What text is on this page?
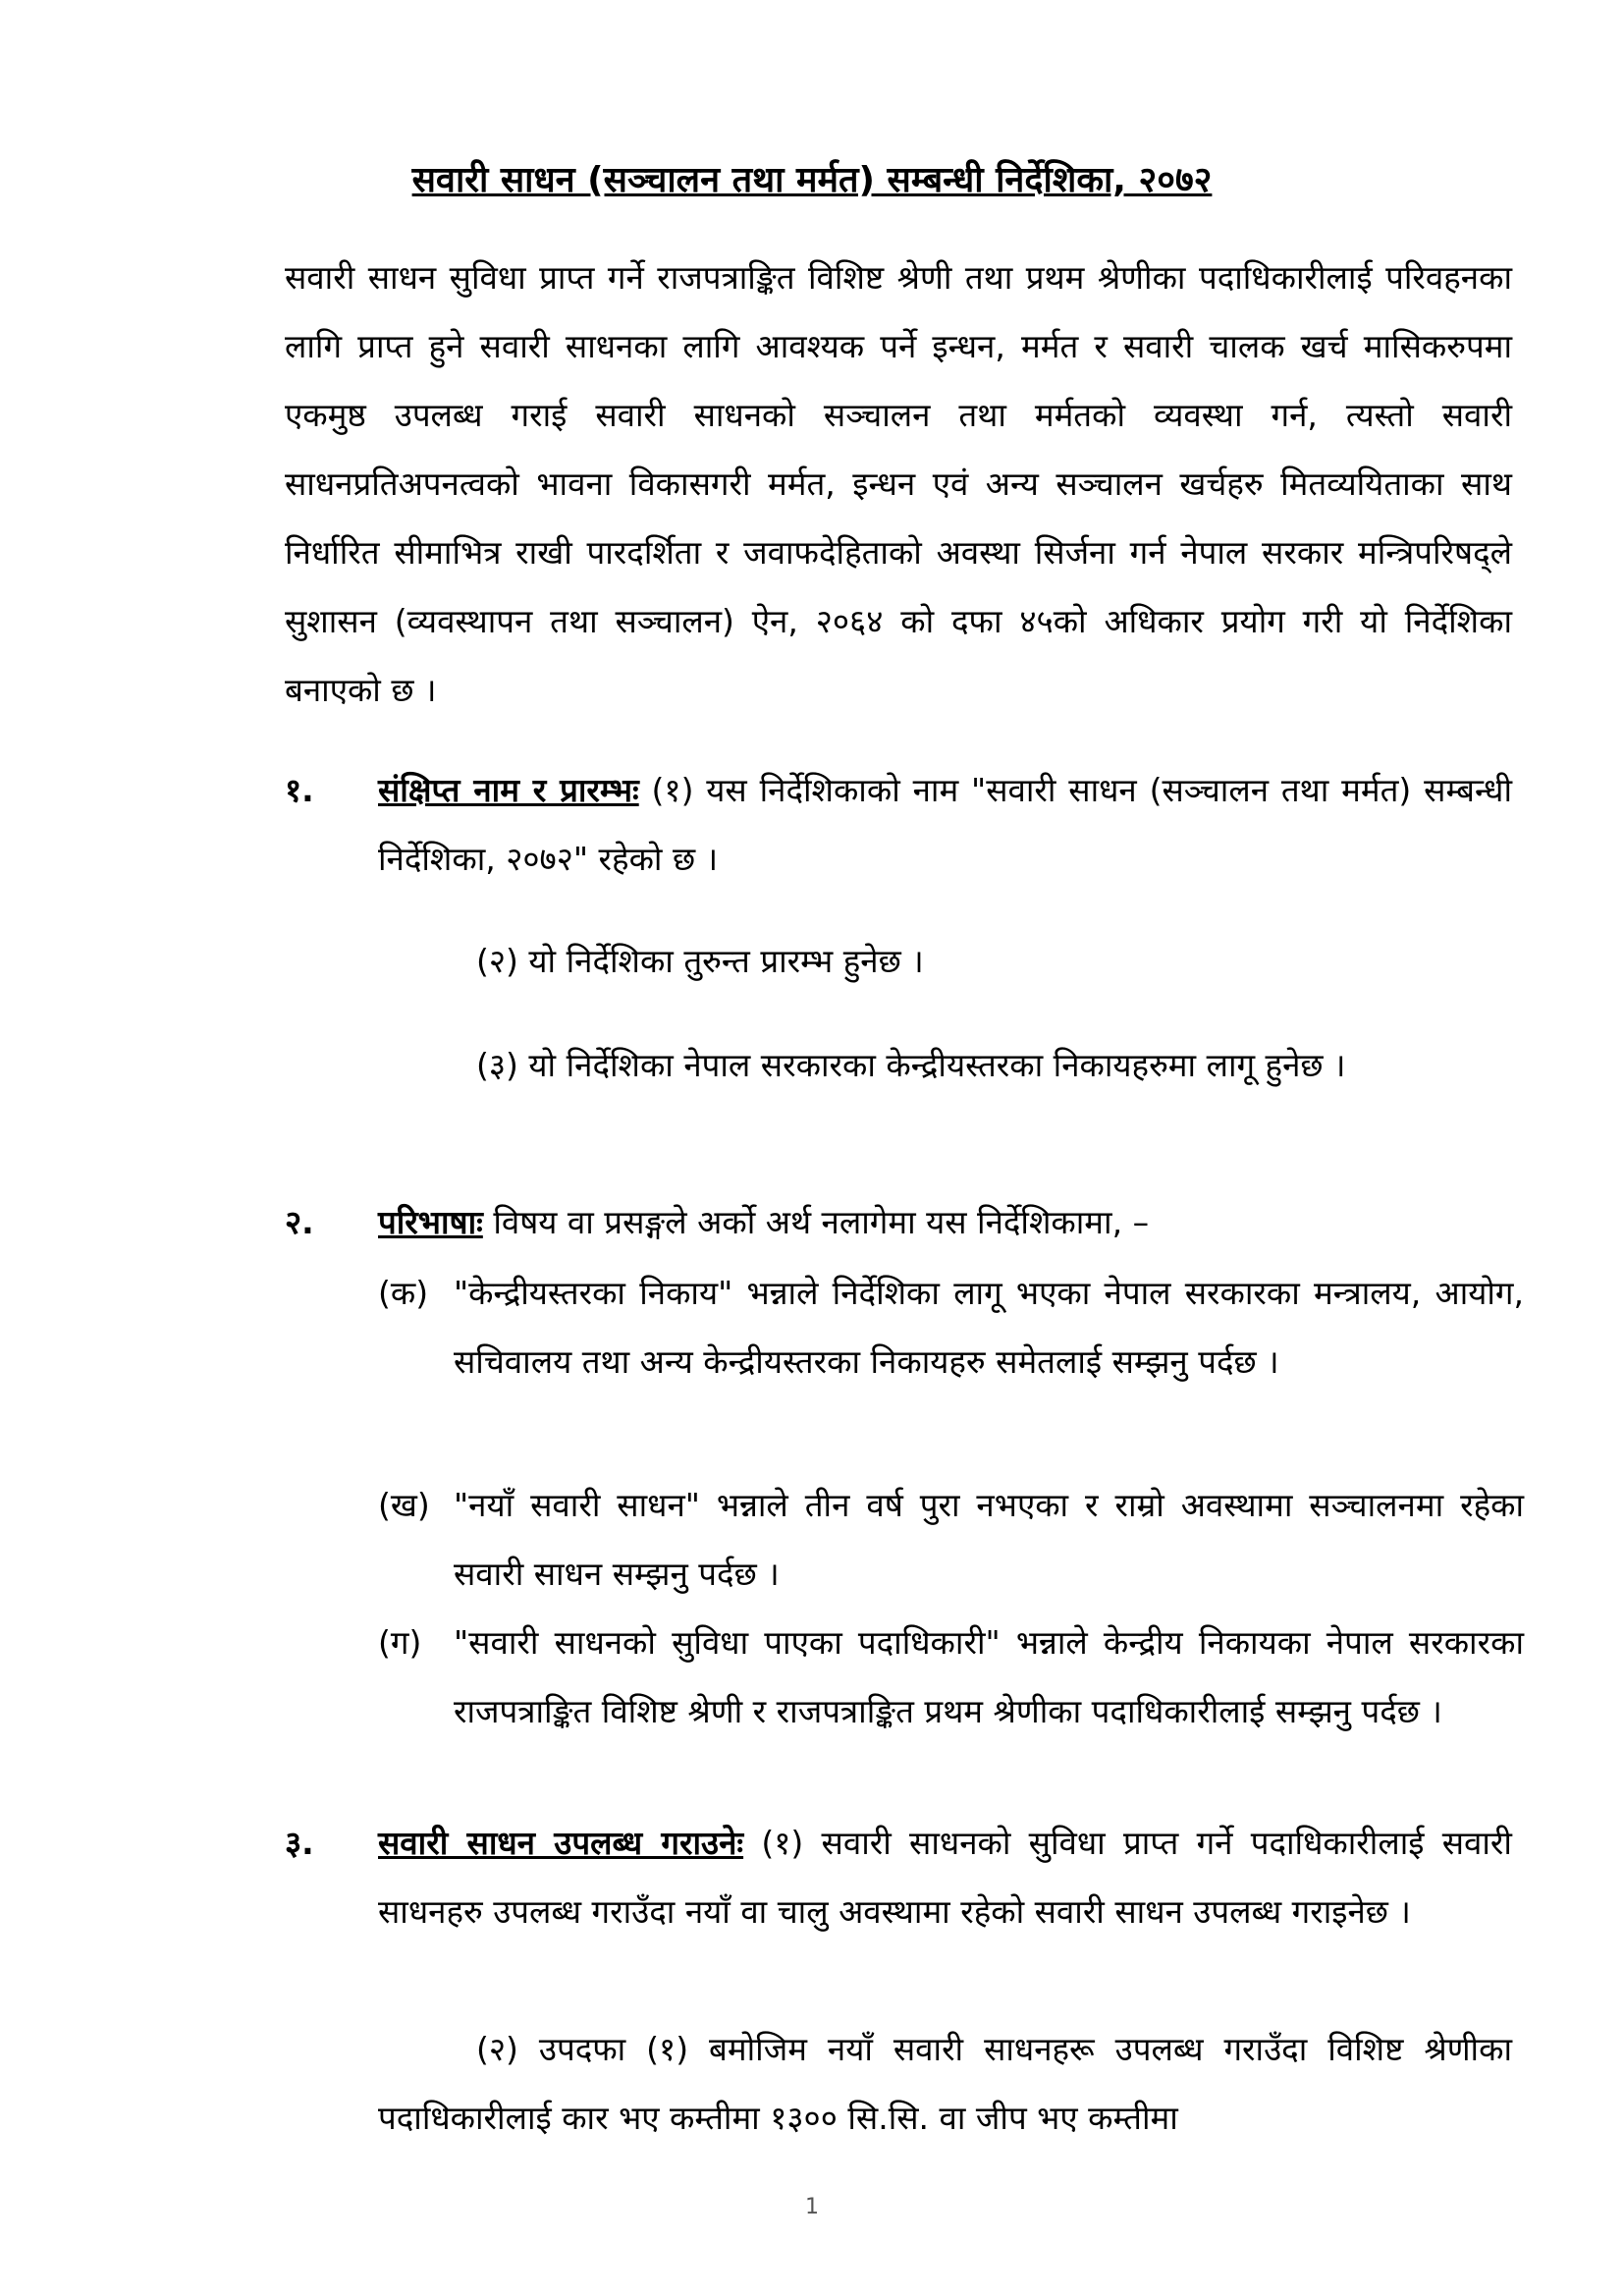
सवारी साधन (सञ्चालन तथा मर्मत) सम्बन्धी निर्देशिका, २०७२
सवारी साधन सुविधा प्राप्त गर्ने राजपत्राङ्कित विशिष्ट श्रेणी तथा प्रथम श्रेणीका पदाधिकारीलाई परिवहनका लागि प्राप्त हुने सवारी साधनका लागि आवश्यक पर्ने इन्धन, मर्मत र सवारी चालक खर्च मासिकरुपमा एकमुष्ठ उपलब्ध गराई सवारी साधनको सञ्चालन तथा मर्मतको व्यवस्था गर्न, त्यस्तो सवारी साधनप्रतिअपनत्वको भावना विकासगरी मर्मत, इन्धन एवं अन्य सञ्चालन खर्चहरु मितव्ययिताका साथ निर्धारित सीमाभित्र राखी पारदर्शिता र जवाफदेहिताको अवस्था सिर्जना गर्न नेपाल सरकार मन्त्रिपरिषद्ले सुशासन (व्यवस्थापन तथा सञ्चालन) ऐन, २०६४ को दफा ४५को अधिकार प्रयोग गरी यो निर्देशिका बनाएको छ ।
१. संक्षिप्त नाम र प्रारम्भः (१) यस निर्देशिकाको नाम "सवारी साधन (सञ्चालन तथा मर्मत) सम्बन्धी निर्देशिका, २०७२" रहेको छ ।
(२) यो निर्देशिका तुरुन्त प्रारम्भ हुनेछ ।
(३) यो निर्देशिका नेपाल सरकारका केन्द्रीयस्तरका निकायहरुमा लागू हुनेछ ।
२. परिभाषाः विषय वा प्रसङ्गले अर्को अर्थ नलागेमा यस निर्देशिकामा, –
(क) "केन्द्रीयस्तरका निकाय" भन्नाले निर्देशिका लागू भएका नेपाल सरकारका मन्त्रालय, आयोग, सचिवालय तथा अन्य केन्द्रीयस्तरका निकायहरु समेतलाई सम्झनु पर्दछ ।
(ख) "नयाँ सवारी साधन" भन्नाले तीन वर्ष पुरा नभएका र राम्रो अवस्थामा सञ्चालनमा रहेका सवारी साधन सम्झनु पर्दछ ।
(ग) "सवारी साधनको सुविधा पाएका पदाधिकारी" भन्नाले केन्द्रीय निकायका नेपाल सरकारका राजपत्राङ्कित विशिष्ट श्रेणी र राजपत्राङ्कित प्रथम श्रेणीका पदाधिकारीलाई सम्झनु पर्दछ ।
३. सवारी साधन उपलब्ध गराउनेः (१) सवारी साधनको सुविधा प्राप्त गर्ने पदाधिकारीलाई सवारी साधनहरु उपलब्ध गराउँदा नयाँ वा चालु अवस्थामा रहेको सवारी साधन उपलब्ध गराइनेछ ।
(२) उपदफा (१) बमोजिम नयाँ सवारी साधनहरू उपलब्ध गराउँदा विशिष्ट श्रेणीका पदाधिकारीलाई कार भए कम्तीमा १३०० सि.सि. वा जीप भए कम्तीमा
1
